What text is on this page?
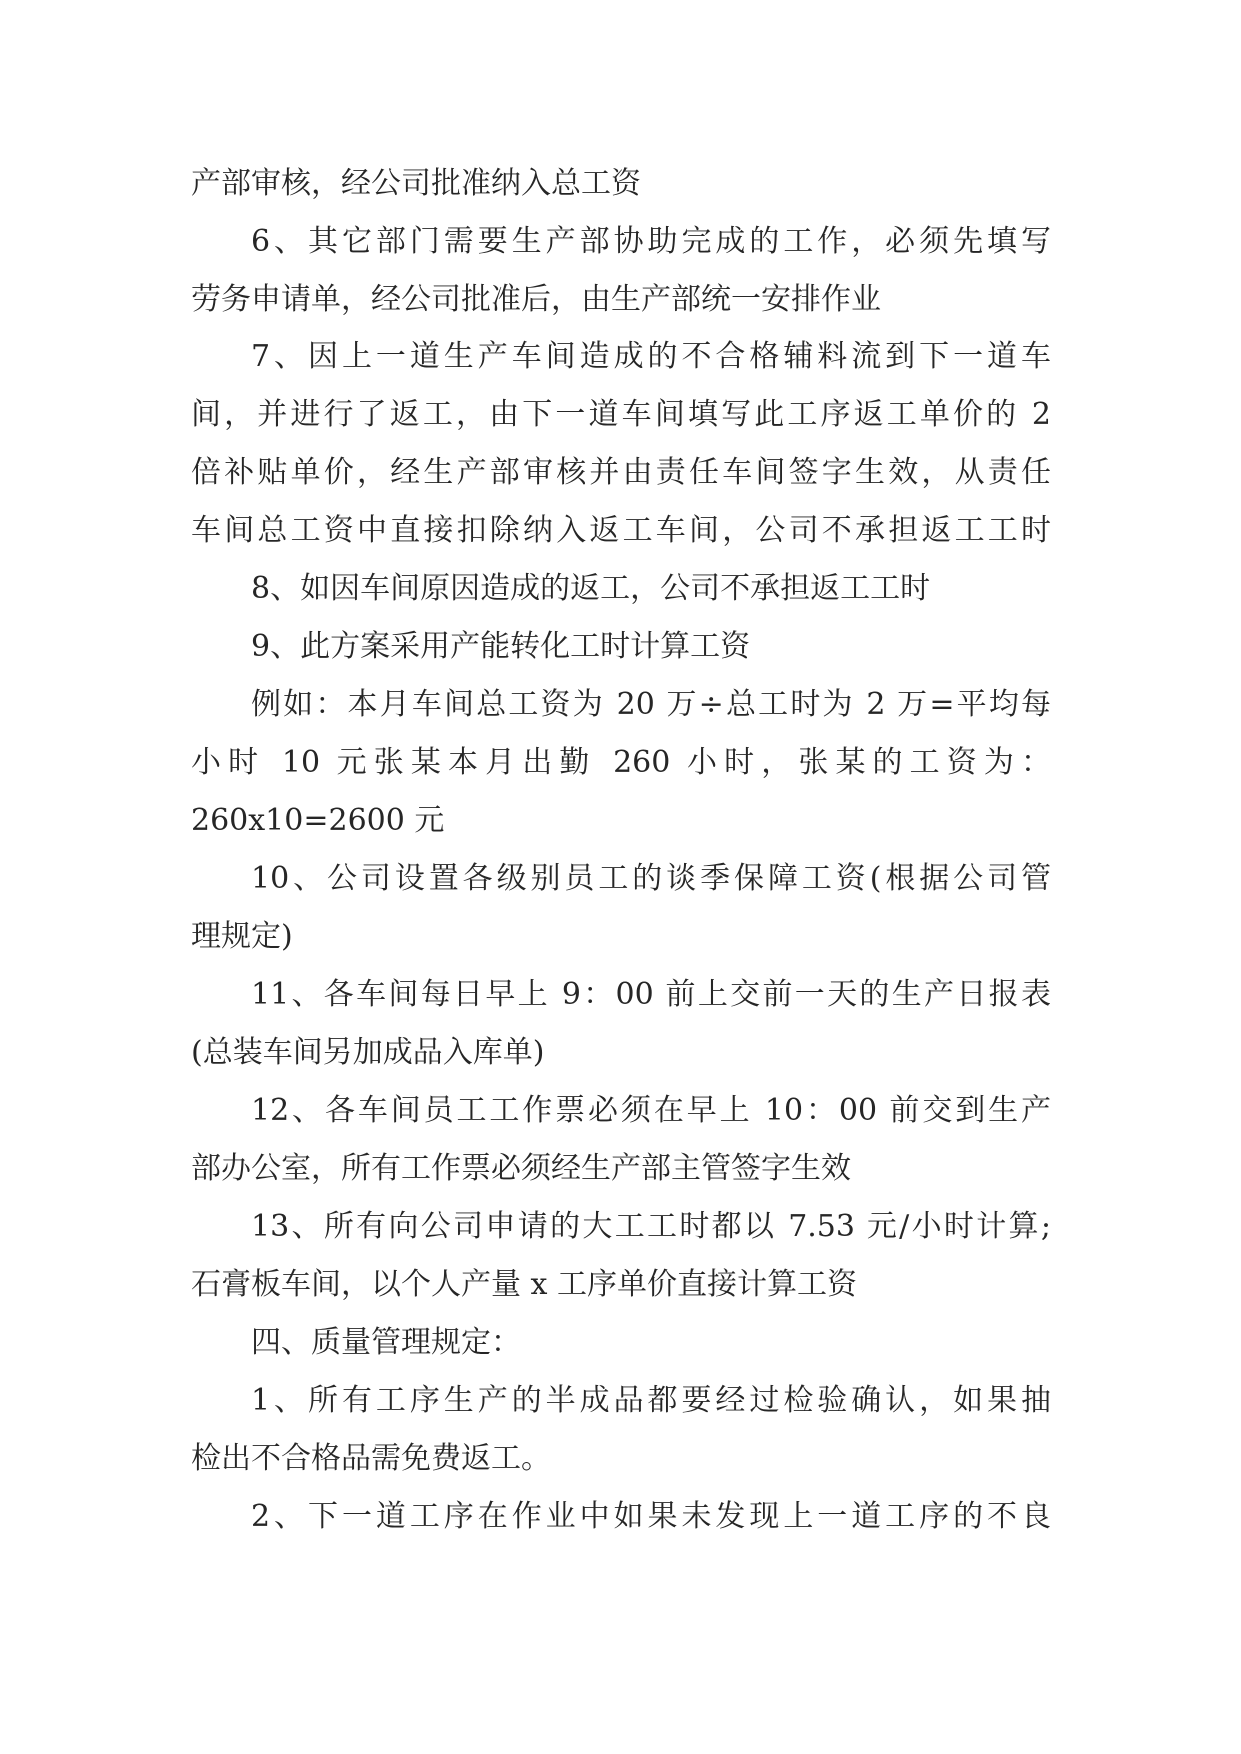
产部审核，经公司批准纳入总工资
6、其它部门需要生产部协助完成的工作，必须先填写
劳务申请单，经公司批准后，由生产部统一安排作业
7、因上一道生产车间造成的不合格辅料流到下一道车
间，并进行了返工，由下一道车间填写此工序返工单价的 2
倍补贴单价，经生产部审核并由责任车间签字生效，从责任
车间总工资中直接扣除纳入返工车间，公司不承担返工工时
8、如因车间原因造成的返工，公司不承担返工工时
9、此方案采用产能转化工时计算工资
例如：本月车间总工资为 20 万÷总工时为 2 万=平均每
小时 10 元张某本月出勤 260 小时，张某的工资为：
260x10=2600 元
10、公司设置各级别员工的谈季保障工资(根据公司管
理规定)
11、各车间每日早上 9：00 前上交前一天的生产日报表
(总装车间另加成品入库单)
12、各车间员工工作票必须在早上 10：00 前交到生产
部办公室，所有工作票必须经生产部主管签字生效
13、所有向公司申请的大工工时都以 7.53 元/小时计算;
石膏板车间，以个人产量 x 工序单价直接计算工资
四、质量管理规定：
1、所有工序生产的半成品都要经过检验确认，如果抽
检出不合格品需免费返工。
2、下一道工序在作业中如果未发现上一道工序的不良
